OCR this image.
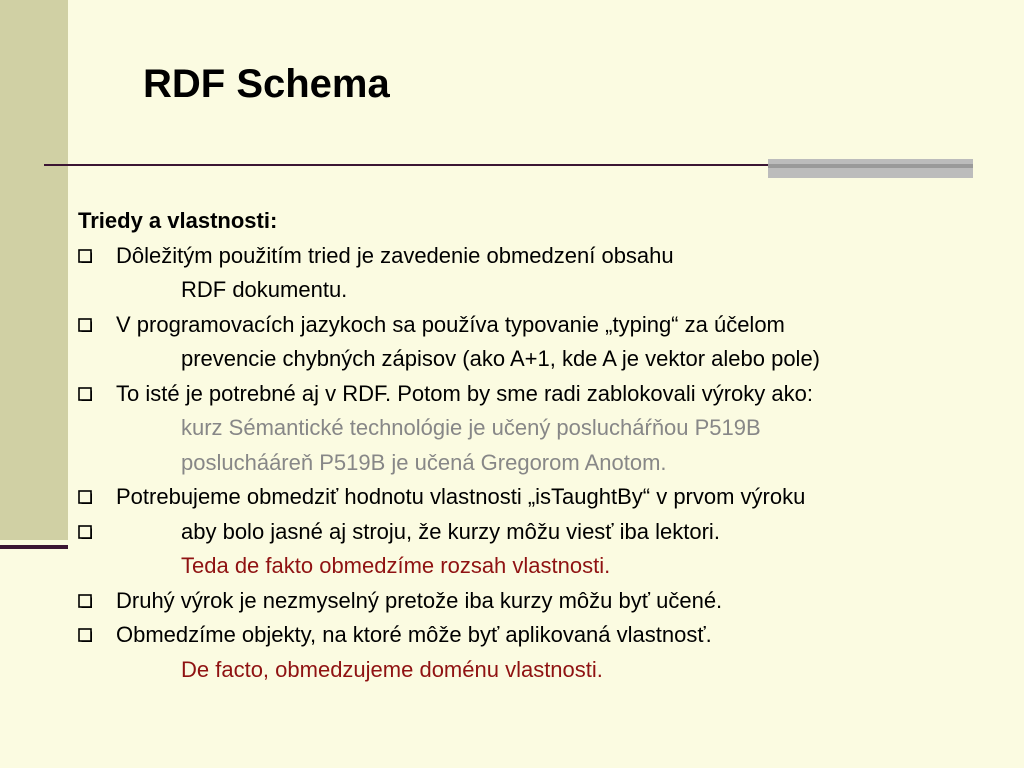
RDF Schema
Triedy a vlastnosti:
Dôležitým použitím tried je zavedenie obmedzení obsahu
RDF dokumentu.
V programovacích jazykoch sa používa typovanie „typing“ za účelom
prevencie chybných zápisov (ako A+1, kde A je vektor alebo pole)
To isté je potrebné aj v RDF. Potom by sme radi zablokovali výroky ako:
kurz Sémantické technológie je učený poslucháŕňou P519B
posluchááreň P519B je učená Gregorom Anotom.
Potrebujeme obmedziť hodnotu vlastnosti „isTaughtBy“ v prvom výroku
aby bolo jasné aj stroju, že kurzy môžu viesť iba lektori.
Teda de fakto obmedzíme rozsah vlastnosti.
Druhý výrok je nezmyselný pretože iba kurzy môžu byť učené.
Obmedzíme objekty, na ktoré môže byť aplikovaná vlastnosť.
De facto, obmedzujeme doménu vlastnosti.
